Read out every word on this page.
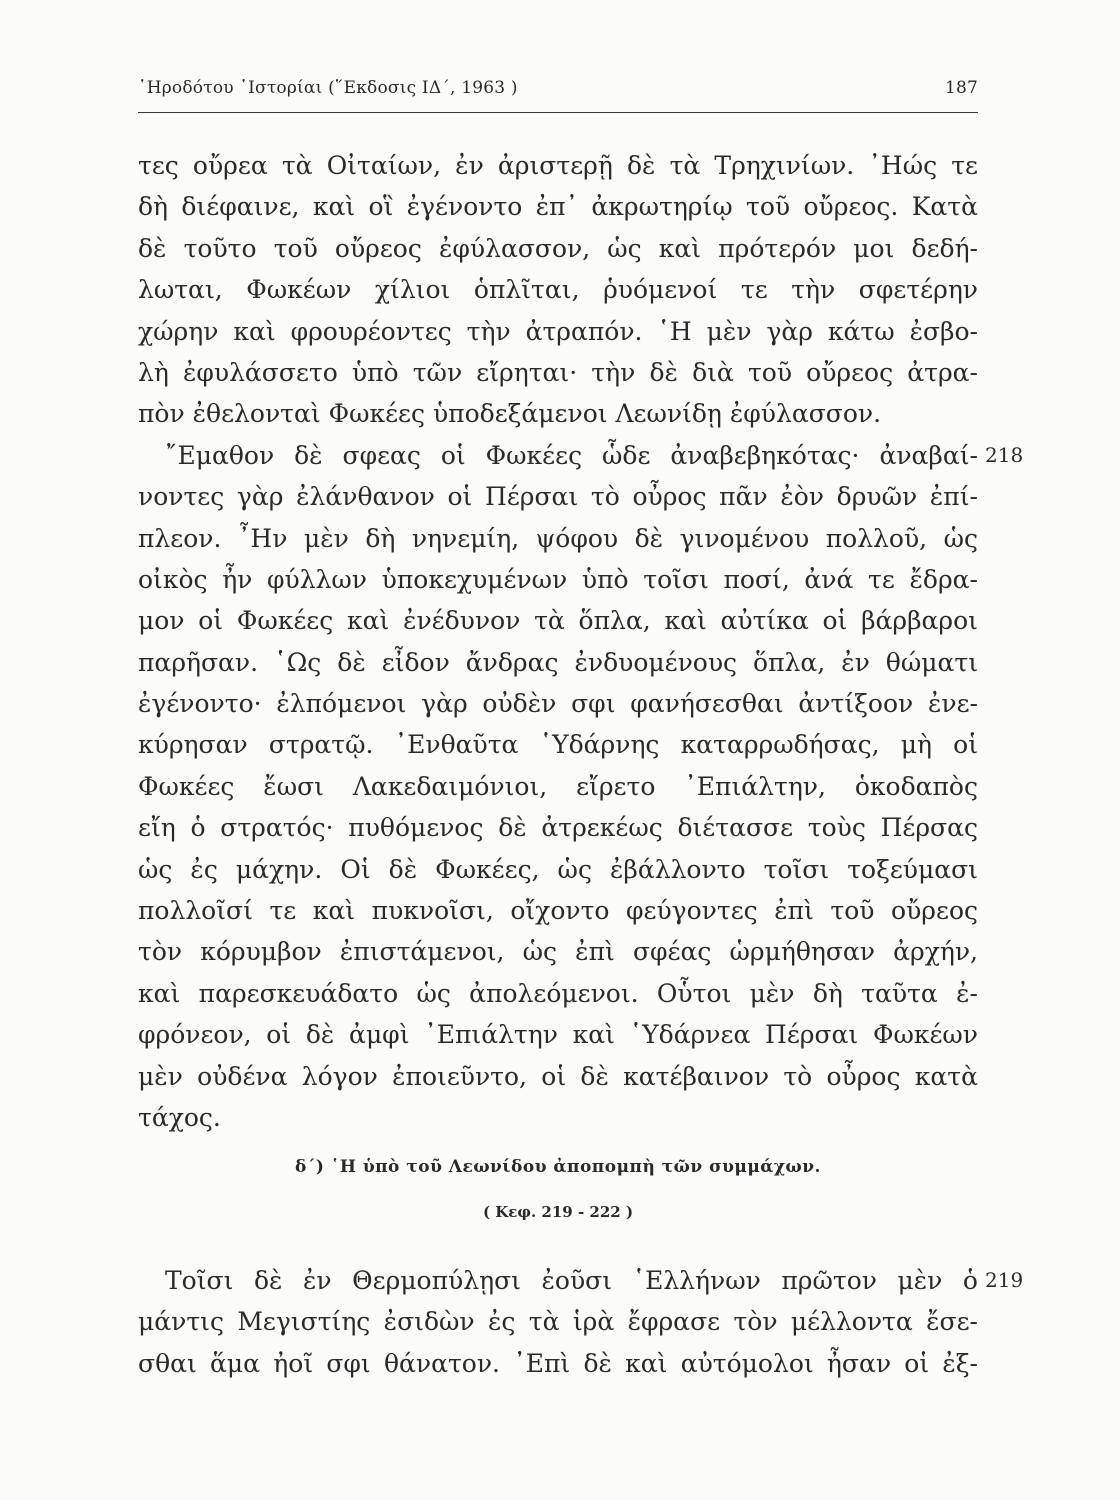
῾Ηροδότου ῾Ιστορίαι (῞Εκδοσις ΙΔ΄, 1963 )	187
τες οὔρεα τὰ Οἰταίων, ἐν ἀριστερῇ δὲ τὰ Τρηχινίων. ᾽Ηώς τε
δὴ διέφαινε, καὶ οἳ ἐγένοντο ἐπ᾽ ἀκρωτηρίῳ τοῦ οὔρεος. Κατὰ
δὲ τοῦτο τοῦ οὔρεος ἐφύλασσον, ὡς καὶ πρότερόν μοι δεδή-
λωται, Φωκέων χίλιοι ὁπλῖται, ῥυόμενοί τε τὴν σφετέρην
χώρην καὶ φρουρέοντες τὴν ἀτραπόν. ῾Η μὲν γὰρ κάτω ἐσβο-
λὴ ἐφυλάσσετο ὑπὸ τῶν εἴρηται· τὴν δὲ διὰ τοῦ οὔρεος ἀτρα-
πὸν ἐθελονταὶ Φωκέες ὑποδεξάμενοι Λεωνίδῃ ἐφύλασσον.
῎Εμαθον δὲ σφεας οἱ Φωκέες ὧδε ἀναβεβηκότας· ἀναβαί-
νοντες γὰρ ἐλάνθανον οἱ Πέρσαι τὸ οὖρος πᾶν ἐὸν δρυῶν ἐπί-
πλεον. ῏Ην μὲν δὴ νηνεμίη, ψόφου δὲ γινομένου πολλοῦ, ὡς
οἰκὸς ἦν φύλλων ὑποκεχυμένων ὑπὸ τοῖσι ποσί, ἀνά τε ἔδρα-
μον οἱ Φωκέες καὶ ἐνέδυνον τὰ ὅπλα, καὶ αὐτίκα οἱ βάρβαροι
παρῆσαν. ῾Ως δὲ εἶδον ἄνδρας ἐνδυομένους ὅπλα, ἐν θώματι
ἐγένοντο· ἐλπόμενοι γὰρ οὐδὲν σφι φανήσεσθαι ἀντίξοον ἐνε-
κύρησαν στρατῷ. ᾽Ενθαῦτα ῾Υδάρνης καταρρωδήσας, μὴ οἱ
Φωκέες ἔωσι Λακεδαιμόνιοι, εἴρετο ᾽Επιάλτην, ὁκοδαπὸς
εἴη ὁ στρατός· πυθόμενος δὲ ἀτρεκέως διέτασσε τοὺς Πέρσας
ὡς ἐς μάχην. Οἱ δὲ Φωκέες, ὡς ἐβάλλοντο τοῖσι τοξεύμασι
πολλοῖσί τε καὶ πυκνοῖσι, οἴχοντο φεύγοντες ἐπὶ τοῦ οὔρεος
τὸν κόρυμβον ἐπιστάμενοι, ὡς ἐπὶ σφέας ὡρμήθησαν ἀρχήν,
καὶ παρεσκευάδατο ὡς ἀπολεόμενοι. Οὗτοι μὲν δὴ ταῦτα ἐ-
φρόνεον, οἱ δὲ ἀμφὶ ᾽Επιάλτην καὶ ῾Υδάρνεα Πέρσαι Φωκέων
μὲν οὐδένα λόγον ἐποιεῦντο, οἱ δὲ κατέβαινον τὸ οὖρος κατὰ
τάχος.
218
δ΄) ῾Η ὑπὸ τοῦ Λεωνίδου ἀποπομπὴ τῶν συμμάχων.
( Κεφ. 219 - 222 )
Τοῖσι δὲ ἐν Θερμοπύλῃσι ἐοῦσι ῾Ελλήνων πρῶτον μὲν ὁ
μάντις Μεγιστίης ἐσιδὼν ἐς τὰ ἱρὰ ἔφρασε τὸν μέλλοντα ἔσε-
σθαι ἅμα ἠοῖ σφι θάνατον. ᾽Επὶ δὲ καὶ αὐτόμολοι ἦσαν οἱ ἐξ-
219
